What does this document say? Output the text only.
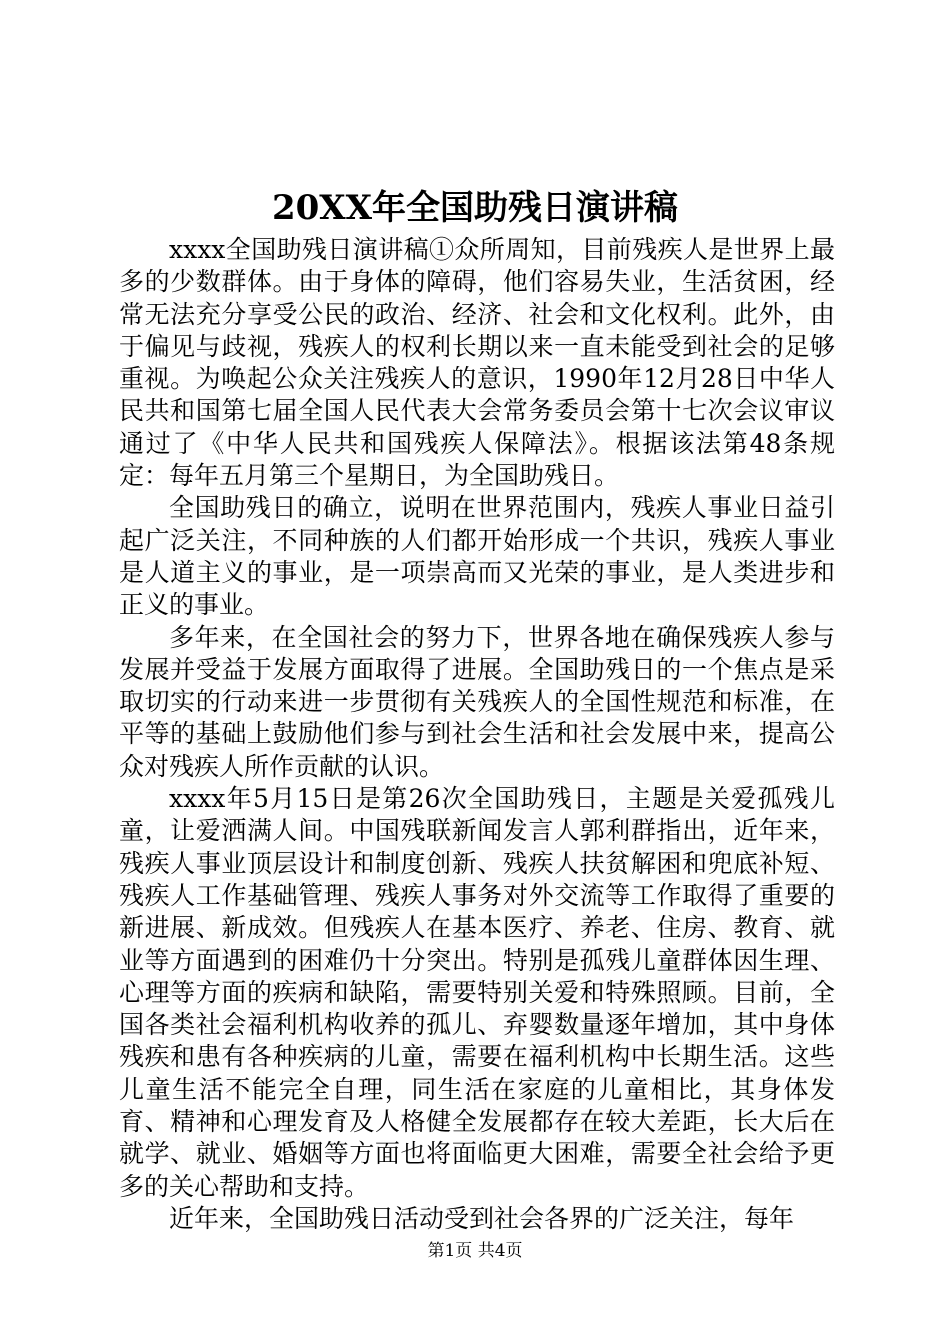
20XX年全国助残日演讲稿

xxxx全国助残日演讲稿①众所周知，目前残疾人是世界上最多的少数群体。由于身体的障碍，他们容易失业，生活贫困，经常无法充分享受公民的政治、经济、社会和文化权利。此外，由于偏见与歧视，残疾人的权利长期以来一直未能受到社会的足够重视。为唤起公众关注残疾人的意识，1990年12月28日中华人民共和国第七届全国人民代表大会常务委员会第十七次会议审议通过了《中华人民共和国残疾人保障法》。根据该法第48条规定：每年五月第三个星期日，为全国助残日。

全国助残日的确立，说明在世界范围内，残疾人事业日益引起广泛关注，不同种族的人们都开始形成一个共识，残疾人事业是人道主义的事业，是一项崇高而又光荣的事业，是人类进步和正义的事业。

多年来，在全国社会的努力下，世界各地在确保残疾人参与发展并受益于发展方面取得了进展。全国助残日的一个焦点是采取切实的行动来进一步贯彻有关残疾人的全国性规范和标准，在平等的基础上鼓励他们参与到社会生活和社会发展中来，提高公众对残疾人所作贡献的认识。

xxxx年5月15日是第26次全国助残日，主题是关爱孤残儿童，让爱洒满人间。中国残联新闻发言人郭利群指出，近年来，残疾人事业顶层设计和制度创新、残疾人扶贫解困和兜底补短、残疾人工作基础管理、残疾人事务对外交流等工作取得了重要的新进展、新成效。但残疾人在基本医疗、养老、住房、教育、就业等方面遇到的困难仍十分突出。特别是孤残儿童群体因生理、心理等方面的疾病和缺陷，需要特别关爱和特殊照顾。目前，全国各类社会福利机构收养的孤儿、弃婴数量逐年增加，其中身体残疾和患有各种疾病的儿童，需要在福利机构中长期生活。这些儿童生活不能完全自理，同生活在家庭的儿童相比，其身体发育、精神和心理发育及人格健全发展都存在较大差距，长大后在就学、就业、婚姻等方面也将面临更大困难，需要全社会给予更多的关心帮助和支持。

近年来，全国助残日活动受到社会各界的广泛关注，每年

第1页 共4页
